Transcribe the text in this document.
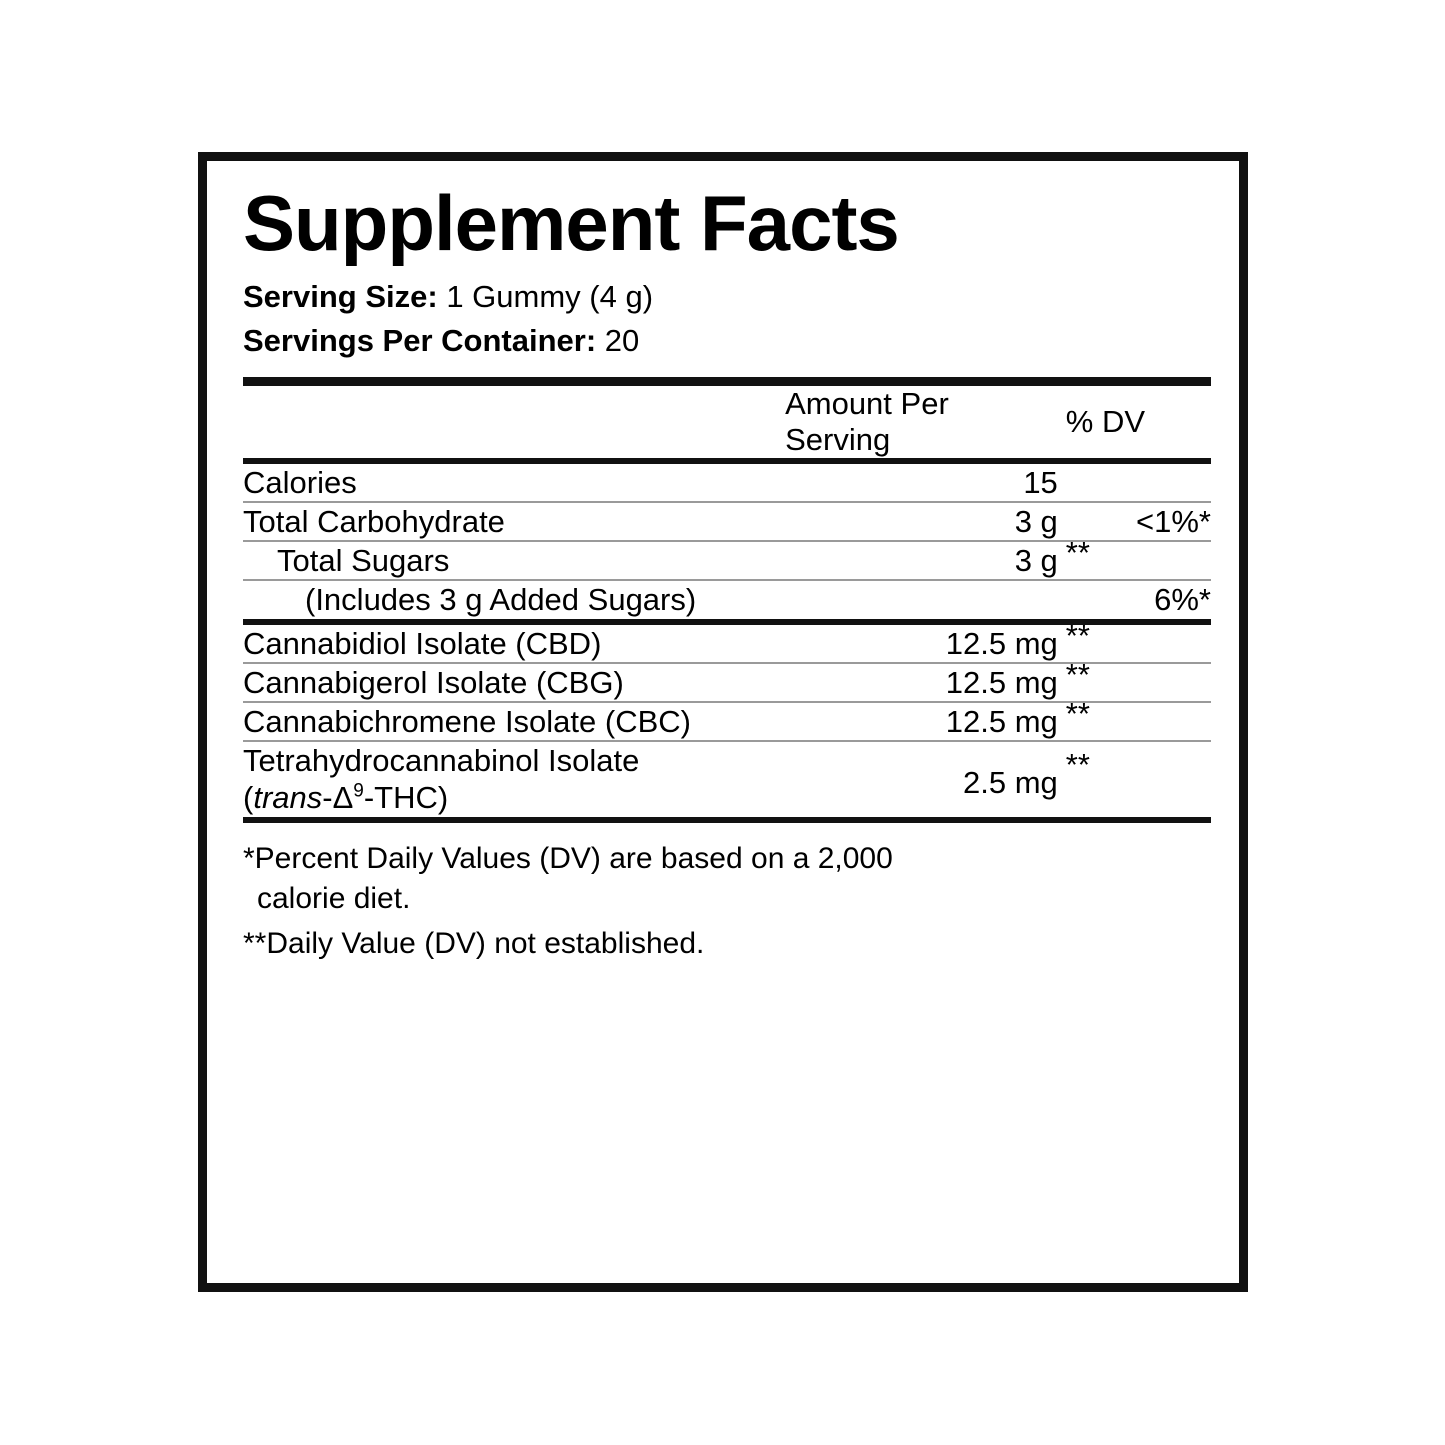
Supplement Facts
Serving Size: 1 Gummy (4 g)
Servings Per Container: 20
	Amount Per Serving	% DV
Calories	15	
Total Carbohydrate	3 g	<1%*
Total Sugars	3 g	**
(Includes 3 g Added Sugars)		6%*
Cannabidiol Isolate (CBD)	12.5 mg	**
Cannabigerol Isolate (CBG)	12.5 mg	**
Cannabichromene Isolate (CBC)	12.5 mg	**
Tetrahydrocannabinol Isolate
$(trans-\Delta^9-THC)$	2.5 mg	**

*Percent Daily Values (DV) are based on a 2,000
calorie diet.

**Daily Value (DV) not established.
